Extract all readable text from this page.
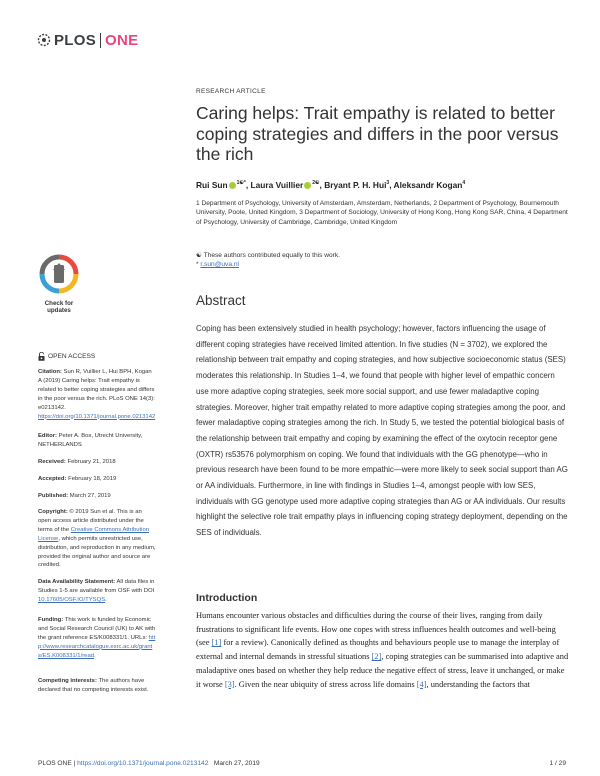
PLOS ONE
RESEARCH ARTICLE
Caring helps: Trait empathy is related to better coping strategies and differs in the poor versus the rich
Rui Sun $^{1☯*}$, Laura Vuillier $^{2☯}$, Bryant P. H. Hui$^3$, Aleksandr Kogan$^4$
1 Department of Psychology, University of Amsterdam, Amsterdam, Netherlands, 2 Department of Psychology, Bournemouth University, Poole, United Kingdom, 3 Department of Sociology, University of Hong Kong, Hong Kong SAR, China, 4 Department of Psychology, University of Cambridge, Cambridge, United Kingdom
☯ These authors contributed equally to this work.
* r.sun@uva.nl
Abstract
Coping has been extensively studied in health psychology; however, factors influencing the usage of different coping strategies have received limited attention. In five studies (N = 3702), we explored the relationship between trait empathy and coping strategies, and how subjective socioeconomic status (SES) moderates this relationship. In Studies 1–4, we found that people with higher level of empathic concern use more adaptive coping strategies, seek more social support, and use fewer maladaptive coping strategies. Moreover, higher trait empathy related to more adaptive coping strategies among the poor, and fewer maladaptive coping strategies among the rich. In Study 5, we tested the potential biological basis of the relationship between trait empathy and coping by examining the effect of the oxytocin receptor gene (OXTR) rs53576 polymorphism on coping. We found that individuals with the GG phenotype—who in previous research have been found to be more empathic—were more likely to seek social support than AG or AA individuals. Furthermore, in line with findings in Studies 1–4, amongst people with low SES, individuals with GG genotype used more adaptive coping strategies than AG or AA individuals. Our results highlight the selective role trait empathy plays in influencing coping strategy deployment, depending on the SES of individuals.
Introduction
Humans encounter various obstacles and difficulties during the course of their lives, ranging from daily frustrations to significant life events. How one copes with stress influences health outcomes and well-being (see [1] for a review). Canonically defined as thoughts and behaviours people use to manage the interplay of external and internal demands in stressful situations [2], coping strategies can be summarised into adaptive and maladaptive ones based on whether they help reduce the negative effect of stress, leave it unchanged, or make it worse [3]. Given the near ubiquity of stress across life domains [4], understanding the factors that
Check for updates
OPEN ACCESS
Citation: Sun R, Vuillier L, Hui BPH, Kogan A (2019) Caring helps: Trait empathy is related to better coping strategies and differs in the poor versus the rich. PLoS ONE 14(3): e0213142. https://doi.org/10.1371/journal.pone.0213142
Editor: Peter A. Bos, Utrecht University, NETHERLANDS
Received: February 21, 2018
Accepted: February 18, 2019
Published: March 27, 2019
Copyright: © 2019 Sun et al. This is an open access article distributed under the terms of the Creative Commons Attribution License, which permits unrestricted use, distribution, and reproduction in any medium, provided the original author and source are credited.
Data Availability Statement: All data files in Studies 1-5 are available from OSF with DOI 10.17605/OSF.IO/TYSQS.
Funding: This work is funded by Economic and Social Research Council (UK) to AK with the grant reference ES/K008331/1. URLs: http://www.researchcatalogue.esrc.ac.uk/grants/ES.K008331/1/read.
Competing interests: The authors have declared that no competing interests exist.
PLOS ONE | https://doi.org/10.1371/journal.pone.0213142 March 27, 2019	1 / 29
